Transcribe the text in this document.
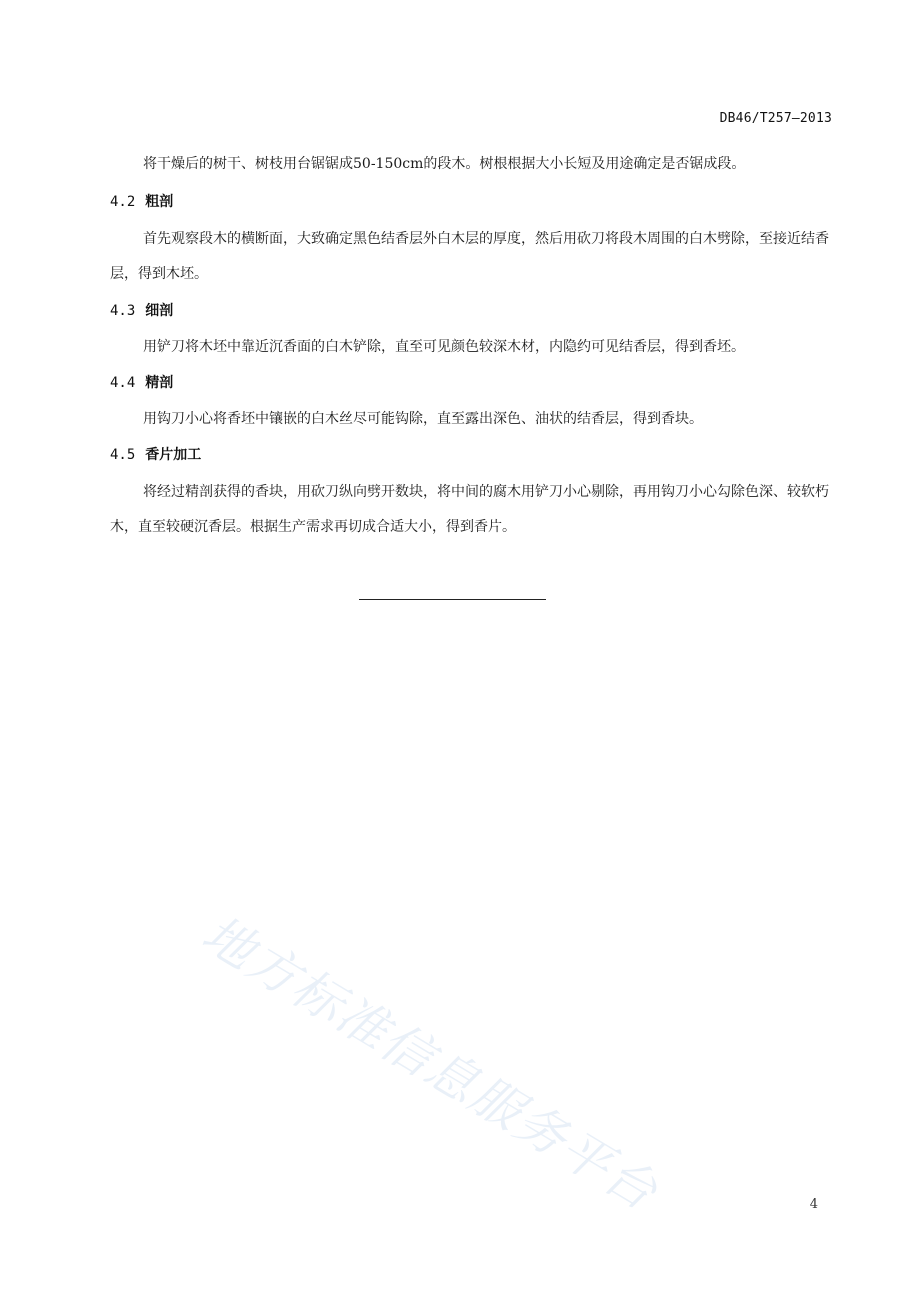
DB46/T257—2013

将干燥后的树干、树枝用台锯锯成50-150cm的段木。树根根据大小长短及用途确定是否锯成段。

4.2 粗剖

首先观察段木的横断面，大致确定黑色结香层外白木层的厚度，然后用砍刀将段木周围的白木劈除，至接近结香层，得到木坯。

4.3 细剖

用铲刀将木坯中靠近沉香面的白木铲除，直至可见颜色较深木材，内隐约可见结香层，得到香坯。

4.4 精剖

用钩刀小心将香坯中镶嵌的白木丝尽可能钩除，直至露出深色、油状的结香层，得到香块。

4.5 香片加工

将经过精剖获得的香块，用砍刀纵向劈开数块，将中间的腐木用铲刀小心剔除，再用钩刀小心勾除色深、较软朽木，直至较硬沉香层。根据生产需求再切成合适大小，得到香片。

地方标准信息服务平台	4
